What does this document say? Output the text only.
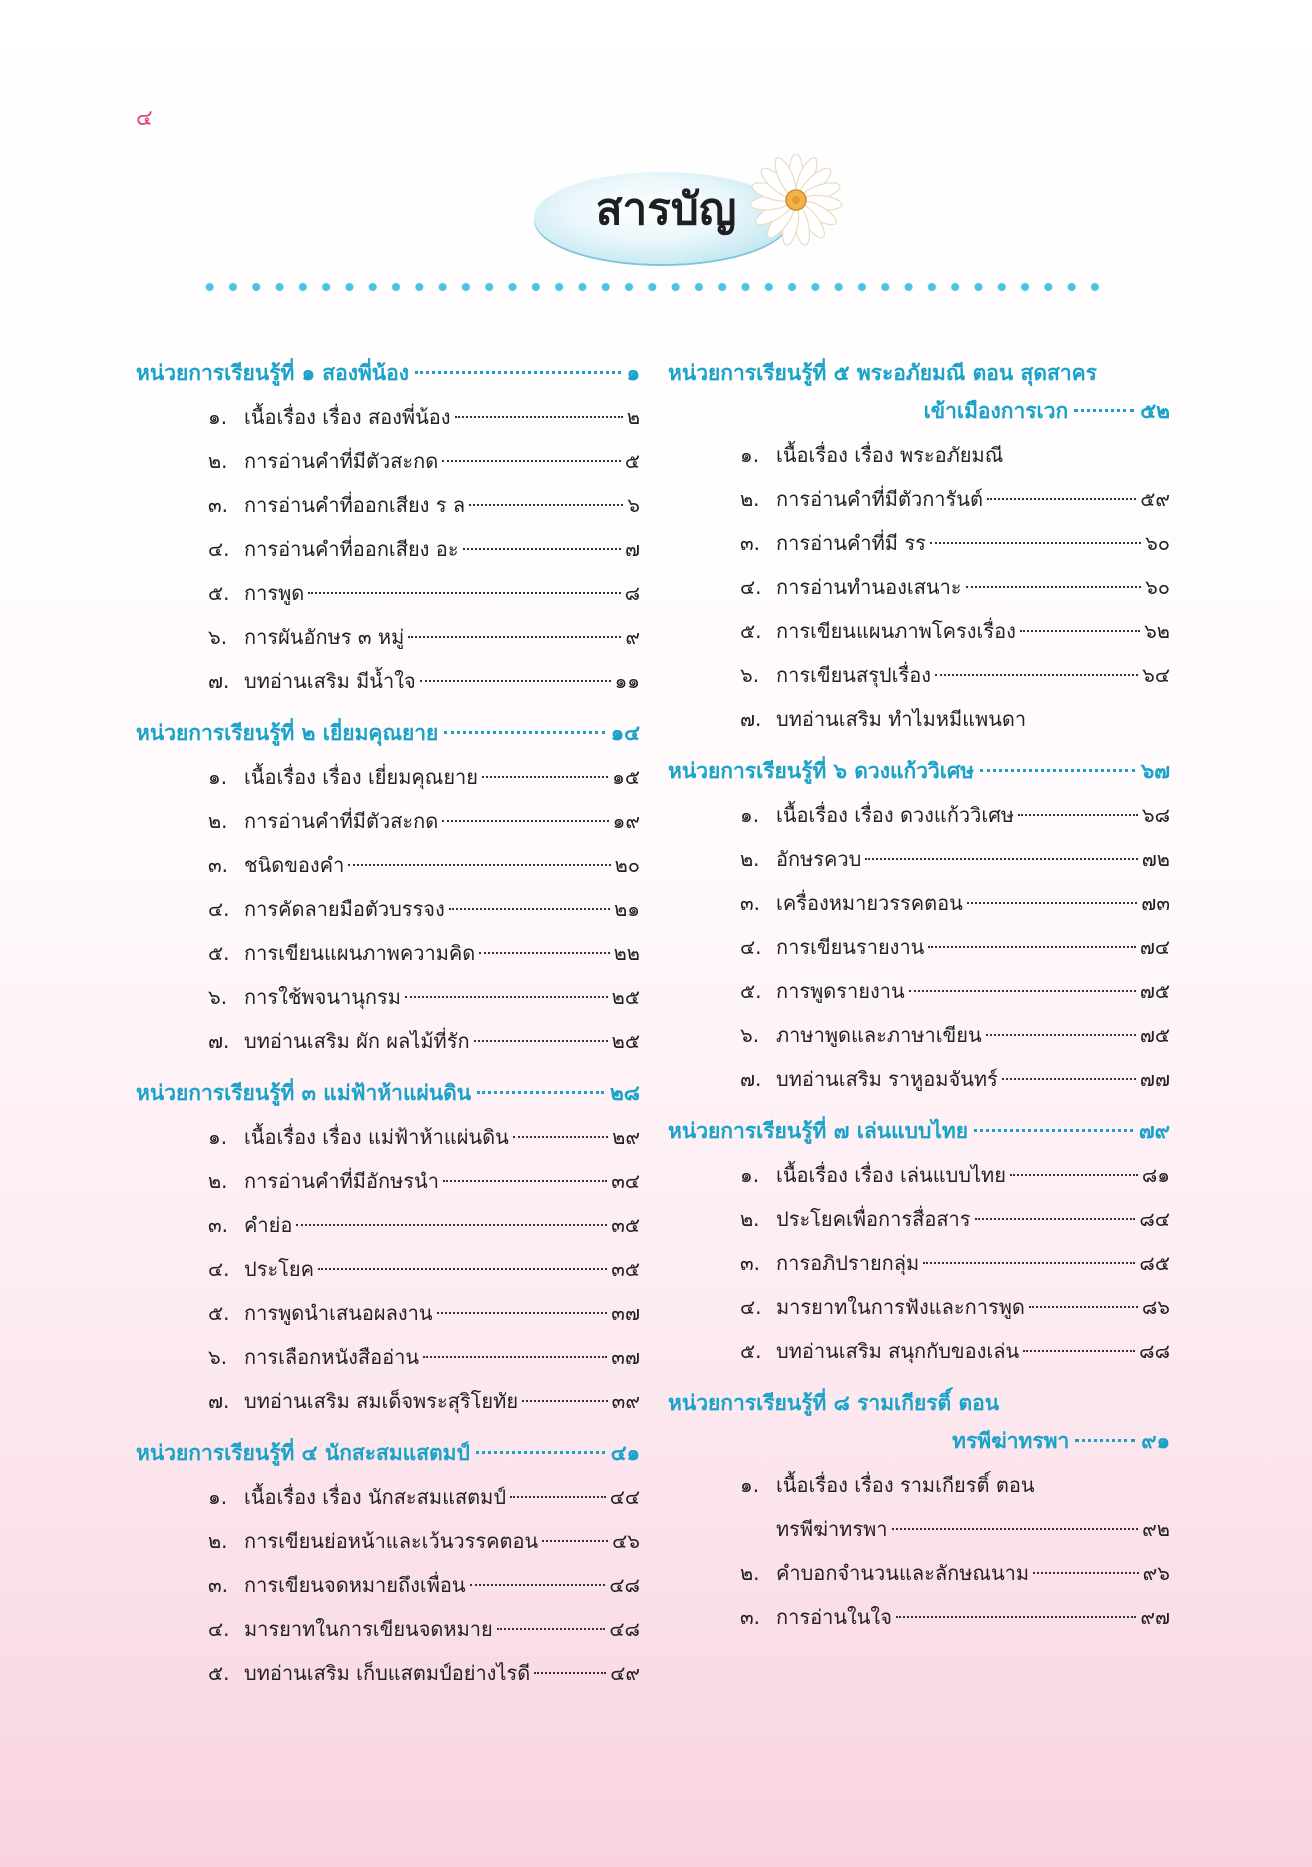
๔
สารบัญ
หน่วยการเรียนรู้ที่ ๑ สองพี่น้อง	๑
๑. เนื้อเรื่อง เรื่อง สองพี่น้อง	๒
๒. การอ่านคำที่มีตัวสะกด	๕
๓. การอ่านคำที่ออกเสียง ร ล	๖
๔. การอ่านคำที่ออกเสียง อะ	๗
๕. การพูด	๘
๖. การผันอักษร ๓ หมู่	๙
๗. บทอ่านเสริม มีน้ำใจ	๑๑
หน่วยการเรียนรู้ที่ ๒ เยี่ยมคุณยาย	๑๔
๑. เนื้อเรื่อง เรื่อง เยี่ยมคุณยาย	๑๕
๒. การอ่านคำที่มีตัวสะกด	๑๙
๓. ชนิดของคำ	๒๐
๔. การคัดลายมือตัวบรรจง	๒๑
๕. การเขียนแผนภาพความคิด	๒๒
๖. การใช้พจนานุกรม	๒๕
๗. บทอ่านเสริม ผัก ผลไม้ที่รัก	๒๕
หน่วยการเรียนรู้ที่ ๓ แม่ฟ้าห้าแผ่นดิน	๒๘
๑. เนื้อเรื่อง เรื่อง แม่ฟ้าห้าแผ่นดิน	๒๙
๒. การอ่านคำที่มีอักษรนำ	๓๔
๓. คำย่อ	๓๕
๔. ประโยค	๓๕
๕. การพูดนำเสนอผลงาน	๓๗
๖. การเลือกหนังสืออ่าน	๓๗
๗. บทอ่านเสริม สมเด็จพระสุริโยทัย	๓๙
หน่วยการเรียนรู้ที่ ๔ นักสะสมแสตมป์	๔๑
๑. เนื้อเรื่อง เรื่อง นักสะสมแสตมป์	๔๔
๒. การเขียนย่อหน้าและเว้นวรรคตอน	๔๖
๓. การเขียนจดหมายถึงเพื่อน	๔๘
๔. มารยาทในการเขียนจดหมาย	๔๘
๕. บทอ่านเสริม เก็บแสตมป์อย่างไรดี	๔๙
หน่วยการเรียนรู้ที่ ๕ พระอภัยมณี ตอน สุดสาคร
เข้าเมืองการเวก	๕๒
๑. เนื้อเรื่อง เรื่อง พระอภัยมณี
๒. การอ่านคำที่มีตัวการันต์	๕๙
๓. การอ่านคำที่มี รร	๖๐
๔. การอ่านทำนองเสนาะ	๖๐
๕. การเขียนแผนภาพโครงเรื่อง	๖๒
๖. การเขียนสรุปเรื่อง	๖๔
๗. บทอ่านเสริม ทำไมหมีแพนดา
หน่วยการเรียนรู้ที่ ๖ ดวงแก้ววิเศษ	๖๗
๑. เนื้อเรื่อง เรื่อง ดวงแก้ววิเศษ	๖๘
๒. อักษรควบ	๗๒
๓. เครื่องหมายวรรคตอน	๗๓
๔. การเขียนรายงาน	๗๔
๕. การพูดรายงาน	๗๕
๖. ภาษาพูดและภาษาเขียน	๗๕
๗. บทอ่านเสริม ราหูอมจันทร์	๗๗
หน่วยการเรียนรู้ที่ ๗ เล่นแบบไทย	๗๙
๑. เนื้อเรื่อง เรื่อง เล่นแบบไทย	๘๑
๒. ประโยคเพื่อการสื่อสาร	๘๔
๓. การอภิปรายกลุ่ม	๘๕
๔. มารยาทในการฟังและการพูด	๘๖
๕. บทอ่านเสริม สนุกกับของเล่น	๘๘
หน่วยการเรียนรู้ที่ ๘ รามเกียรติ์ ตอน
ทรพีฆ่าทรพา	๙๑
๑. เนื้อเรื่อง เรื่อง รามเกียรติ์ ตอน
ทรพีฆ่าทรพา	๙๒
๒. คำบอกจำนวนและลักษณนาม	๙๖
๓. การอ่านในใจ	๙๗
